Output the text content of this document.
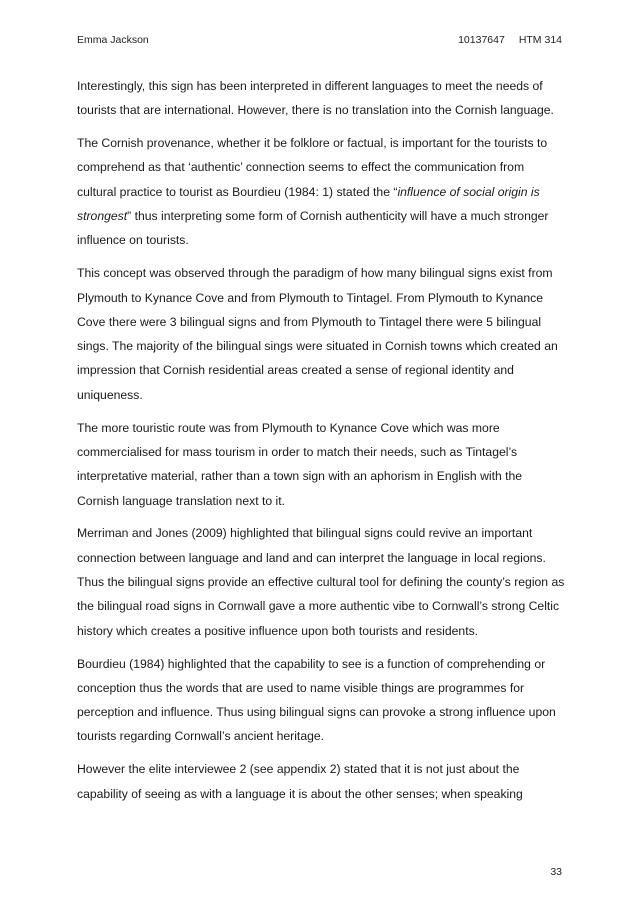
Emma Jackson	10137647 HTM 314

Interestingly, this sign has been interpreted in different languages to meet the needs of tourists that are international. However, there is no translation into the Cornish language.

The Cornish provenance, whether it be folklore or factual, is important for the tourists to comprehend as that ‘authentic’ connection seems to effect the communication from cultural practice to tourist as Bourdieu (1984: 1) stated the “influence of social origin is strongest” thus interpreting some form of Cornish authenticity will have a much stronger influence on tourists.

This concept was observed through the paradigm of how many bilingual signs exist from Plymouth to Kynance Cove and from Plymouth to Tintagel. From Plymouth to Kynance Cove there were 3 bilingual signs and from Plymouth to Tintagel there were 5 bilingual sings. The majority of the bilingual sings were situated in Cornish towns which created an impression that Cornish residential areas created a sense of regional identity and uniqueness.

The more touristic route was from Plymouth to Kynance Cove which was more commercialised for mass tourism in order to match their needs, such as Tintagel’s interpretative material, rather than a town sign with an aphorism in English with the Cornish language translation next to it.

Merriman and Jones (2009) highlighted that bilingual signs could revive an important connection between language and land and can interpret the language in local regions. Thus the bilingual signs provide an effective cultural tool for defining the county’s region as the bilingual road signs in Cornwall gave a more authentic vibe to Cornwall’s strong Celtic history which creates a positive influence upon both tourists and residents.

Bourdieu (1984) highlighted that the capability to see is a function of comprehending or conception thus the words that are used to name visible things are programmes for perception and influence. Thus using bilingual signs can provoke a strong influence upon tourists regarding Cornwall’s ancient heritage.

However the elite interviewee 2 (see appendix 2) stated that it is not just about the capability of seeing as with a language it is about the other senses; when speaking

33
